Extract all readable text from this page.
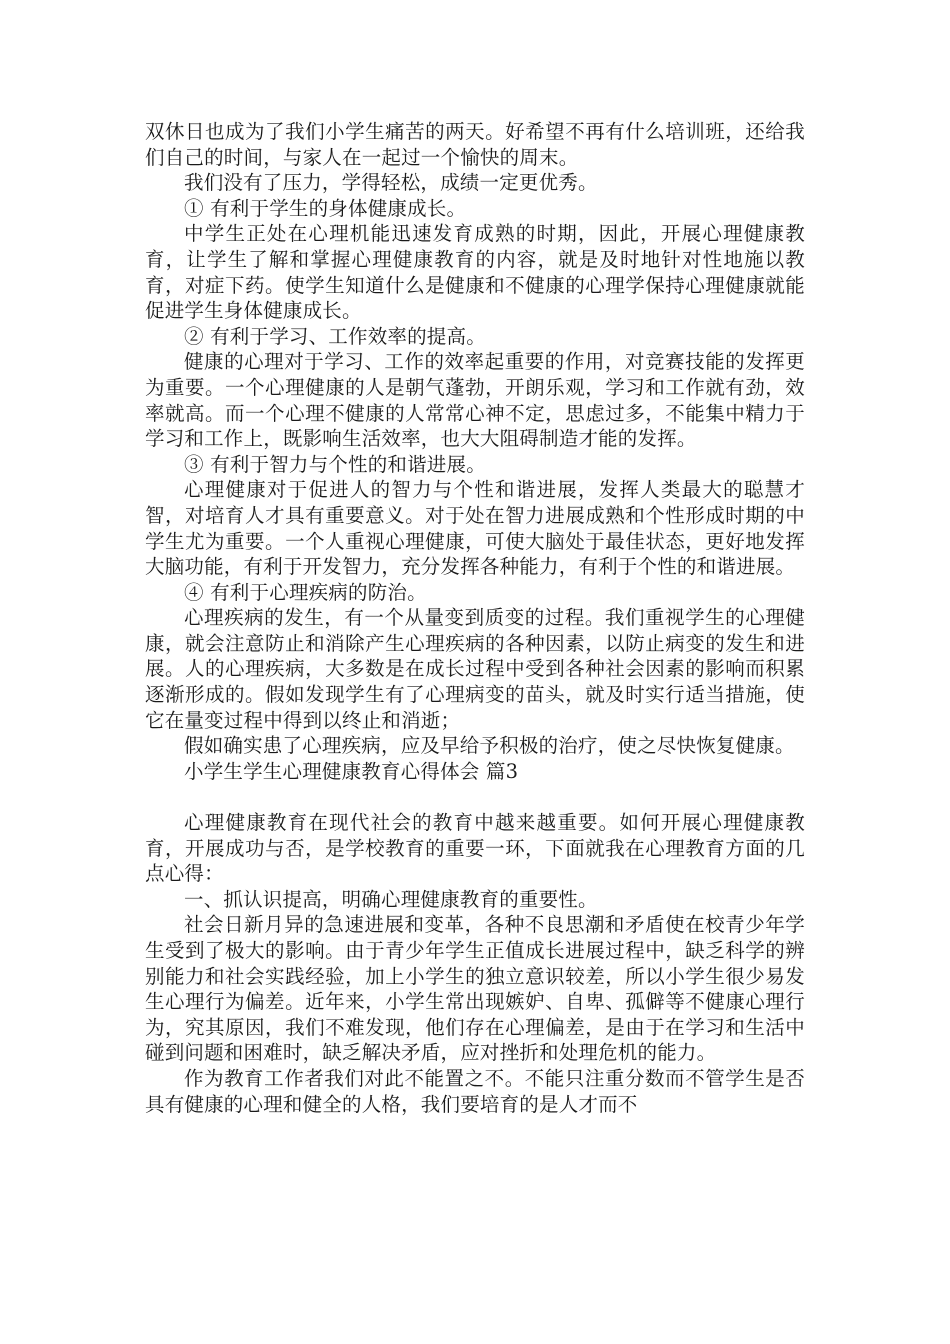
双休日也成为了我们小学生痛苦的两天。好希望不再有什么培训班，还给我们自己的时间，与家人在一起过一个愉快的周末。

我们没有了压力，学得轻松，成绩一定更优秀。

① 有利于学生的身体健康成长。

中学生正处在心理机能迅速发育成熟的时期，因此，开展心理健康教育，让学生了解和掌握心理健康教育的内容，就是及时地针对性地施以教育，对症下药。使学生知道什么是健康和不健康的心理学保持心理健康就能促进学生身体健康成长。

② 有利于学习、工作效率的提高。

健康的心理对于学习、工作的效率起重要的作用，对竞赛技能的发挥更为重要。一个心理健康的人是朝气蓬勃，开朗乐观，学习和工作就有劲，效率就高。而一个心理不健康的人常常心神不定，思虑过多，不能集中精力于学习和工作上，既影响生活效率，也大大阻碍制造才能的发挥。

③ 有利于智力与个性的和谐进展。

心理健康对于促进人的智力与个性和谐进展，发挥人类最大的聪慧才智，对培育人才具有重要意义。对于处在智力进展成熟和个性形成时期的中学生尤为重要。一个人重视心理健康，可使大脑处于最佳状态，更好地发挥大脑功能，有利于开发智力，充分发挥各种能力，有利于个性的和谐进展。

④ 有利于心理疾病的防治。

心理疾病的发生，有一个从量变到质变的过程。我们重视学生的心理健康，就会注意防止和消除产生心理疾病的各种因素，以防止病变的发生和进展。人的心理疾病，大多数是在成长过程中受到各种社会因素的影响而积累逐渐形成的。假如发现学生有了心理病变的苗头，就及时实行适当措施，使它在量变过程中得到以终止和消逝；

假如确实患了心理疾病，应及早给予积极的治疗，使之尽快恢复健康。

小学生学生心理健康教育心得体会 篇3

心理健康教育在现代社会的教育中越来越重要。如何开展心理健康教育，开展成功与否，是学校教育的重要一环，下面就我在心理教育方面的几点心得：

一、抓认识提高，明确心理健康教育的重要性。

社会日新月异的急速进展和变革，各种不良思潮和矛盾使在校青少年学生受到了极大的影响。由于青少年学生正值成长进展过程中，缺乏科学的辨别能力和社会实践经验，加上小学生的独立意识较差，所以小学生很少易发生心理行为偏差。近年来，小学生常出现嫉妒、自卑、孤僻等不健康心理行为，究其原因，我们不难发现，他们存在心理偏差，是由于在学习和生活中碰到问题和困难时，缺乏解决矛盾，应对挫折和处理危机的能力。

作为教育工作者我们对此不能置之不。不能只注重分数而不管学生是否具有健康的心理和健全的人格，我们要培育的是人才而不
